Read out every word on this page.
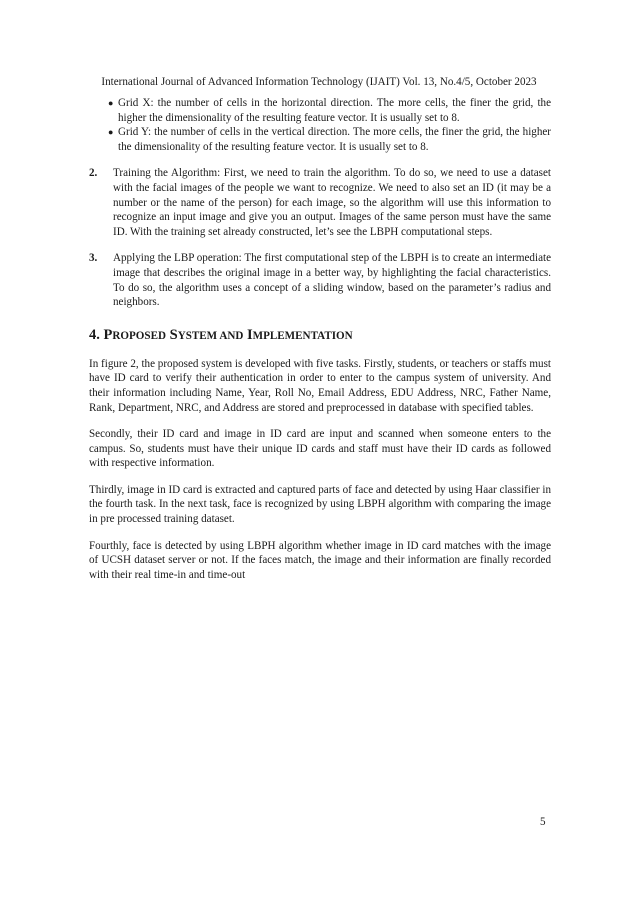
International Journal of Advanced Information Technology (IJAIT) Vol. 13, No.4/5, October 2023
● Grid X: the number of cells in the horizontal direction. The more cells, the finer the grid, the higher the dimensionality of the resulting feature vector. It is usually set to 8.
● Grid Y: the number of cells in the vertical direction. The more cells, the finer the grid, the higher the dimensionality of the resulting feature vector. It is usually set to 8.
2. Training the Algorithm: First, we need to train the algorithm. To do so, we need to use a dataset with the facial images of the people we want to recognize. We need to also set an ID (it may be a number or the name of the person) for each image, so the algorithm will use this information to recognize an input image and give you an output. Images of the same person must have the same ID. With the training set already constructed, let’s see the LBPH computational steps.
3. Applying the LBP operation: The first computational step of the LBPH is to create an intermediate image that describes the original image in a better way, by highlighting the facial characteristics. To do so, the algorithm uses a concept of a sliding window, based on the parameter’s radius and neighbors.
4. PROPOSED SYSTEM AND IMPLEMENTATION

In figure 2, the proposed system is developed with five tasks. Firstly, students, or teachers or staffs must have ID card to verify their authentication in order to enter to the campus system of university. And their information including Name, Year, Roll No, Email Address, EDU Address, NRC, Father Name, Rank, Department, NRC, and Address are stored and preprocessed in database with specified tables.

Secondly, their ID card and image in ID card are input and scanned when someone enters to the campus. So, students must have their unique ID cards and staff must have their ID cards as followed with respective information.

Thirdly, image in ID card is extracted and captured parts of face and detected by using Haar classifier in the fourth task. In the next task, face is recognized by using LBPH algorithm with comparing the image in pre processed training dataset.

Fourthly, face is detected by using LBPH algorithm whether image in ID card matches with the image of UCSH dataset server or not. If the faces match, the image and their information are finally recorded with their real time-in and time-out

5
